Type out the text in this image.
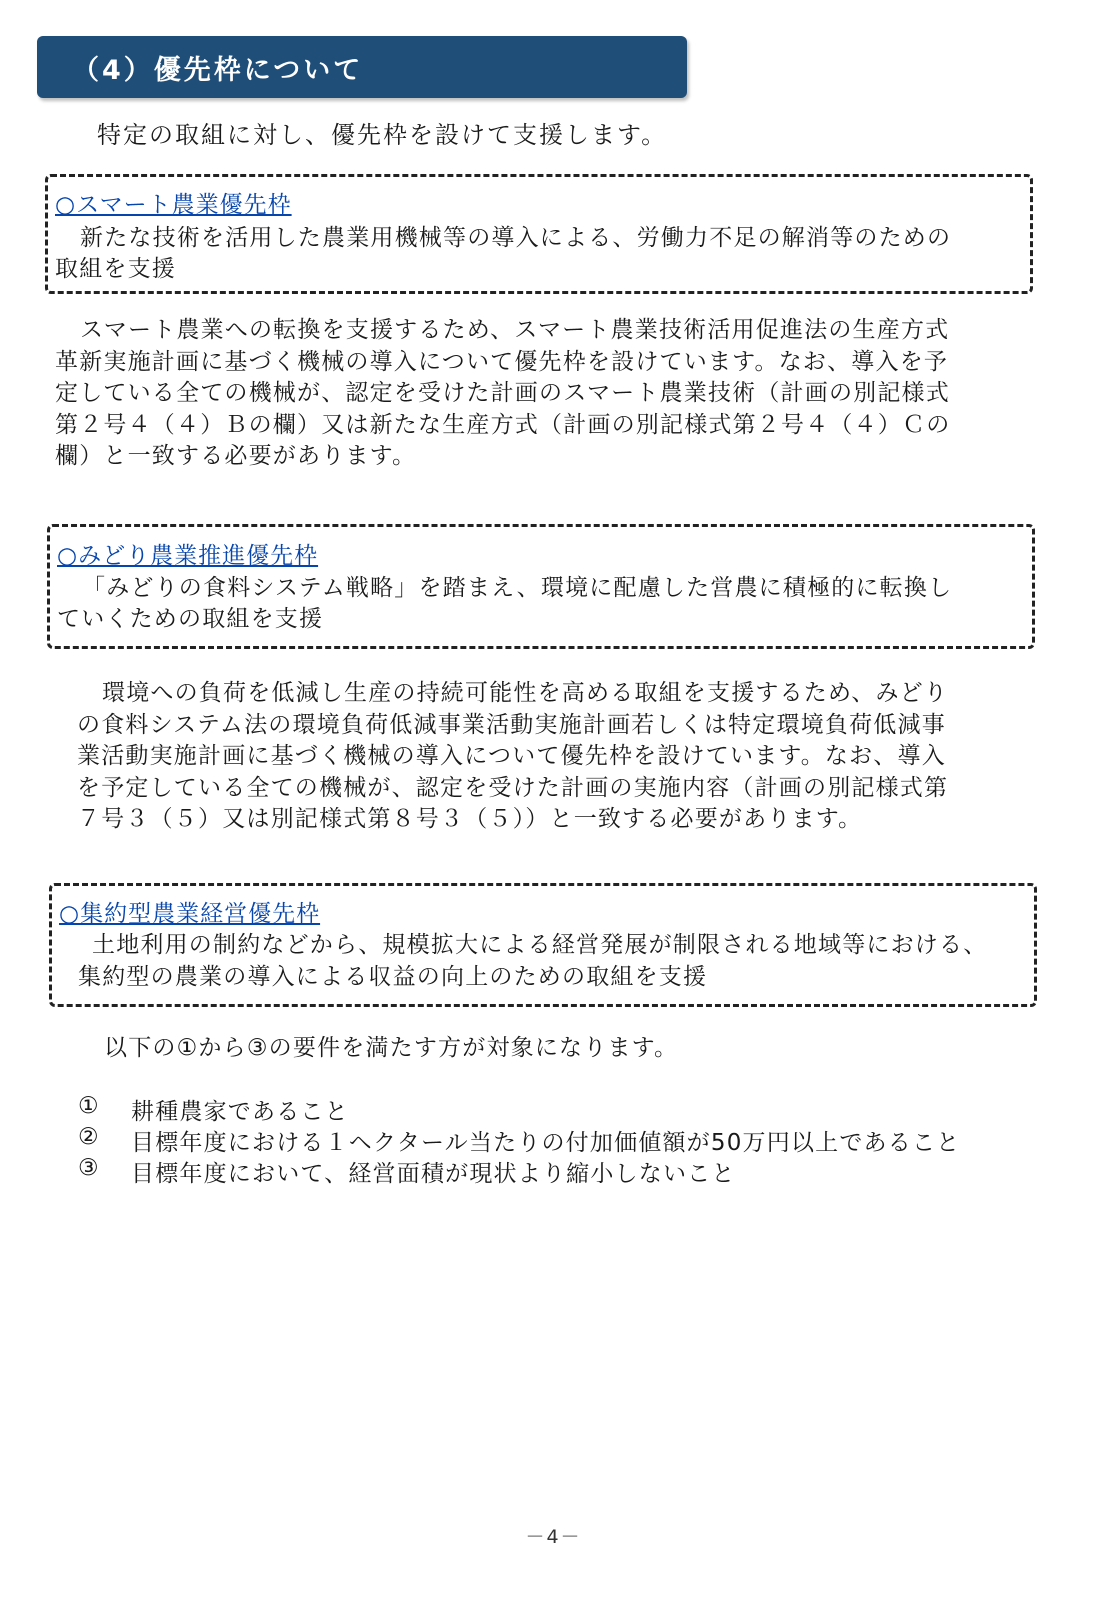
（4）優先枠について
特定の取組に対し、優先枠を設けて支援します。
○スマート農業優先枠
新たな技術を活用した農業用機械等の導入による、労働力不足の解消等のための
取組を支援
スマート農業への転換を支援するため、スマート農業技術活用促進法の生産方式
革新実施計画に基づく機械の導入について優先枠を設けています。なお、導入を予
定している全ての機械が、認定を受けた計画のスマート農業技術（計画の別記様式
第２号４（４）Ｂの欄）又は新たな生産方式（計画の別記様式第２号４（４）Ｃの
欄）と一致する必要があります。
○みどり農業推進優先枠
「みどりの食料システム戦略」を踏まえ、環境に配慮した営農に積極的に転換し
ていくための取組を支援
環境への負荷を低減し生産の持続可能性を高める取組を支援するため、みどり
の食料システム法の環境負荷低減事業活動実施計画若しくは特定環境負荷低減事
業活動実施計画に基づく機械の導入について優先枠を設けています。なお、導入
を予定している全ての機械が、認定を受けた計画の実施内容（計画の別記様式第
７号３（５）又は別記様式第８号３（５））と一致する必要があります。
○集約型農業経営優先枠
土地利用の制約などから、規模拡大による経営発展が制限される地域等における、
集約型の農業の導入による収益の向上のための取組を支援
以下の①から③の要件を満たす方が対象になります。
① 耕種農家であること
② 目標年度における１ヘクタール当たりの付加価値額が50万円以上であること
③ 目標年度において、経営面積が現状より縮小しないこと
－4－
